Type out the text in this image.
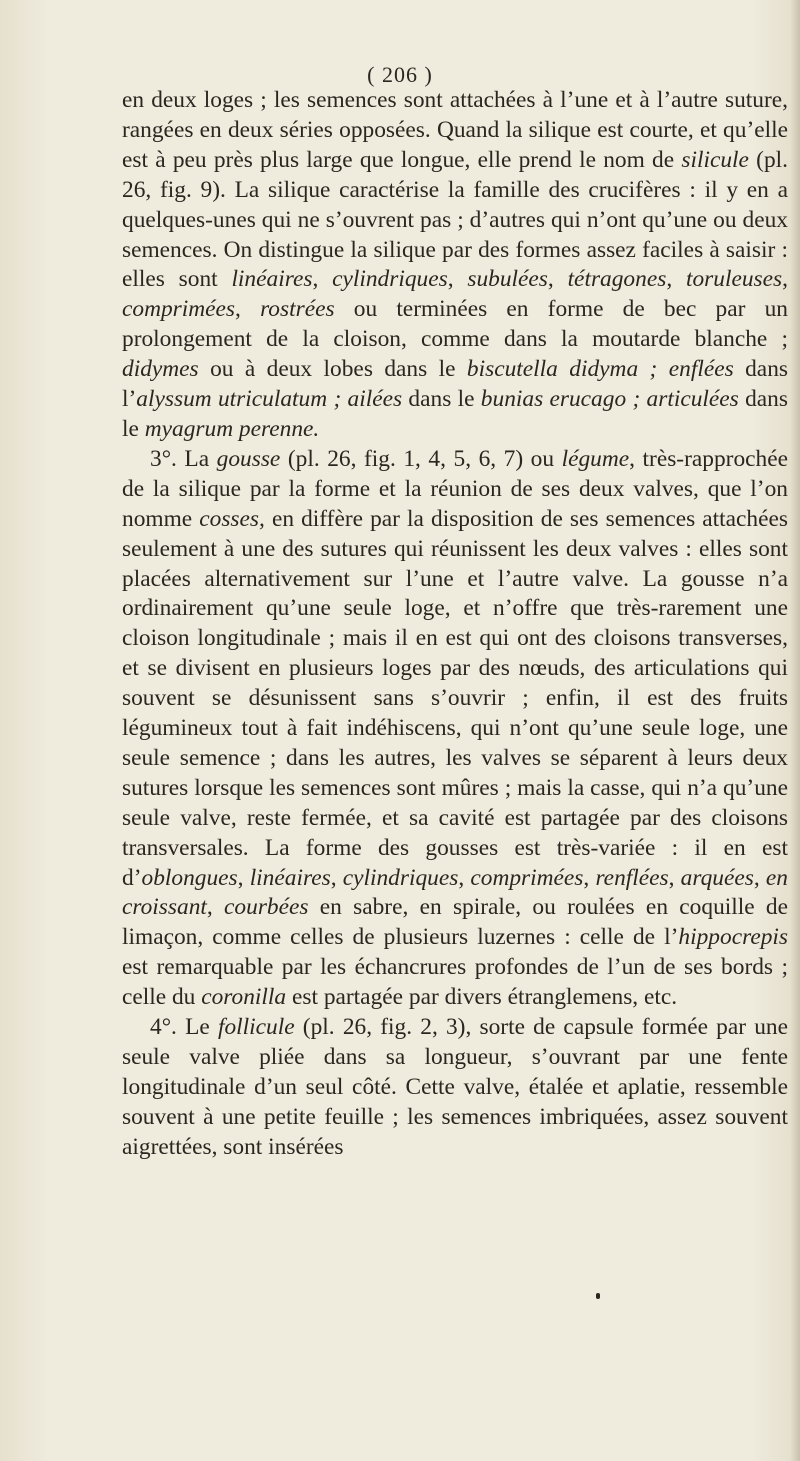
( 206 )

en deux loges ; les semences sont attachées à l’une et à l’autre suture, rangées en deux séries opposées. Quand la silique est courte, et qu’elle est à peu près plus large que longue, elle prend le nom de silicule (pl. 26, fig. 9). La silique caractérise la famille des crucifères : il y en a quelques-unes qui ne s’ouvrent pas ; d’autres qui n’ont qu’une ou deux semences. On distingue la silique par des formes assez faciles à saisir : elles sont linéaires, cylindriques, subulées, tétragones, toruleuses, comprimées, rostrées ou terminées en forme de bec par un prolongement de la cloison, comme dans la moutarde blanche ; didymes ou à deux lobes dans le biscutella didyma ; enflées dans l’alyssum utriculatum ; ailées dans le bunias erucago ; articulées dans le myagrum perenne.

3°. La gousse (pl. 26, fig. 1, 4, 5, 6, 7) ou légume, très-rapprochée de la silique par la forme et la réunion de ses deux valves, que l’on nomme cosses, en diffère par la disposition de ses semences attachées seulement à une des sutures qui réunissent les deux valves : elles sont placées alternativement sur l’une et l’autre valve. La gousse n’a ordinairement qu’une seule loge, et n’offre que très-rarement une cloison longitudinale ; mais il en est qui ont des cloisons transverses, et se divisent en plusieurs loges par des nœuds, des articulations qui souvent se désunissent sans s’ouvrir ; enfin, il est des fruits légumineux tout à fait indéhiscens, qui n’ont qu’une seule loge, une seule semence ; dans les autres, les valves se séparent à leurs deux sutures lorsque les semences sont mûres ; mais la casse, qui n’a qu’une seule valve, reste fermée, et sa cavité est partagée par des cloisons transversales. La forme des gousses est très-variée : il en est d’oblongues, linéaires, cylindriques, comprimées, renflées, arquées, en croissant, courbées en sabre, en spirale, ou roulées en coquille de limaçon, comme celles de plusieurs luzernes : celle de l’hippocrepis est remarquable par les échancrures profondes de l’un de ses bords ; celle du coronilla est partagée par divers étranglemens, etc.

4°. Le follicule (pl. 26, fig. 2, 3), sorte de capsule formée par une seule valve pliée dans sa longueur, s’ouvrant par une fente longitudinale d’un seul côté. Cette valve, étalée et aplatie, ressemble souvent à une petite feuille ; les semences imbriquées, assez souvent aigrettées, sont insérées
